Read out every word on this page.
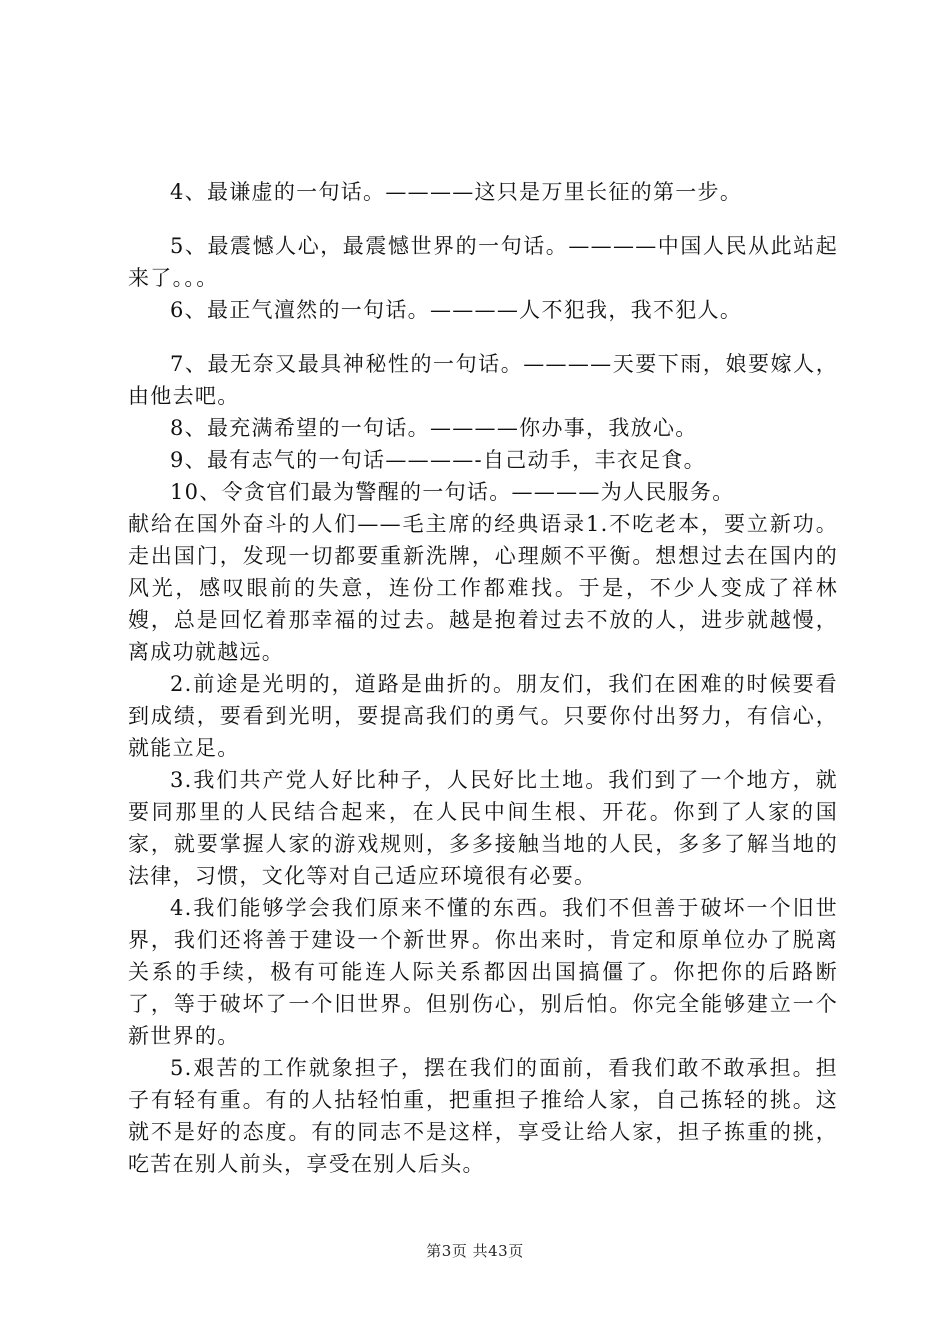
4、最谦虚的一句话。————这只是万里长征的第一步。

5、最震憾人心，最震憾世界的一句话。————中国人民从此站起来了。。。

6、最正气澶然的一句话。————人不犯我，我不犯人。

7、最无奈又最具神秘性的一句话。————天要下雨，娘要嫁人，由他去吧。

8、最充满希望的一句话。————你办事，我放心。

9、最有志气的一句话————-自己动手，丰衣足食。

10、令贪官们最为警醒的一句话。————为人民服务。

献给在国外奋斗的人们——毛主席的经典语录1.不吃老本，要立新功。走出国门，发现一切都要重新洗牌，心理颇不平衡。想想过去在国内的风光，感叹眼前的失意，连份工作都难找。于是，不少人变成了祥林嫂，总是回忆着那幸福的过去。越是抱着过去不放的人，进步就越慢，离成功就越远。

2.前途是光明的，道路是曲折的。朋友们，我们在困难的时候要看到成绩，要看到光明，要提高我们的勇气。只要你付出努力，有信心，就能立足。

3.我们共产党人好比种子，人民好比土地。我们到了一个地方，就要同那里的人民结合起来，在人民中间生根、开花。你到了人家的国家，就要掌握人家的游戏规则，多多接触当地的人民，多多了解当地的法律，习惯，文化等对自己适应环境很有必要。

4.我们能够学会我们原来不懂的东西。我们不但善于破坏一个旧世界，我们还将善于建设一个新世界。你出来时，肯定和原单位办了脱离关系的手续，极有可能连人际关系都因出国搞僵了。你把你的后路断了，等于破坏了一个旧世界。但别伤心，别后怕。你完全能够建立一个新世界的。

5.艰苦的工作就象担子，摆在我们的面前，看我们敢不敢承担。担子有轻有重。有的人拈轻怕重，把重担子推给人家，自己拣轻的挑。这就不是好的态度。有的同志不是这样，享受让给人家，担子拣重的挑，吃苦在别人前头，享受在别人后头。

第3页 共43页
